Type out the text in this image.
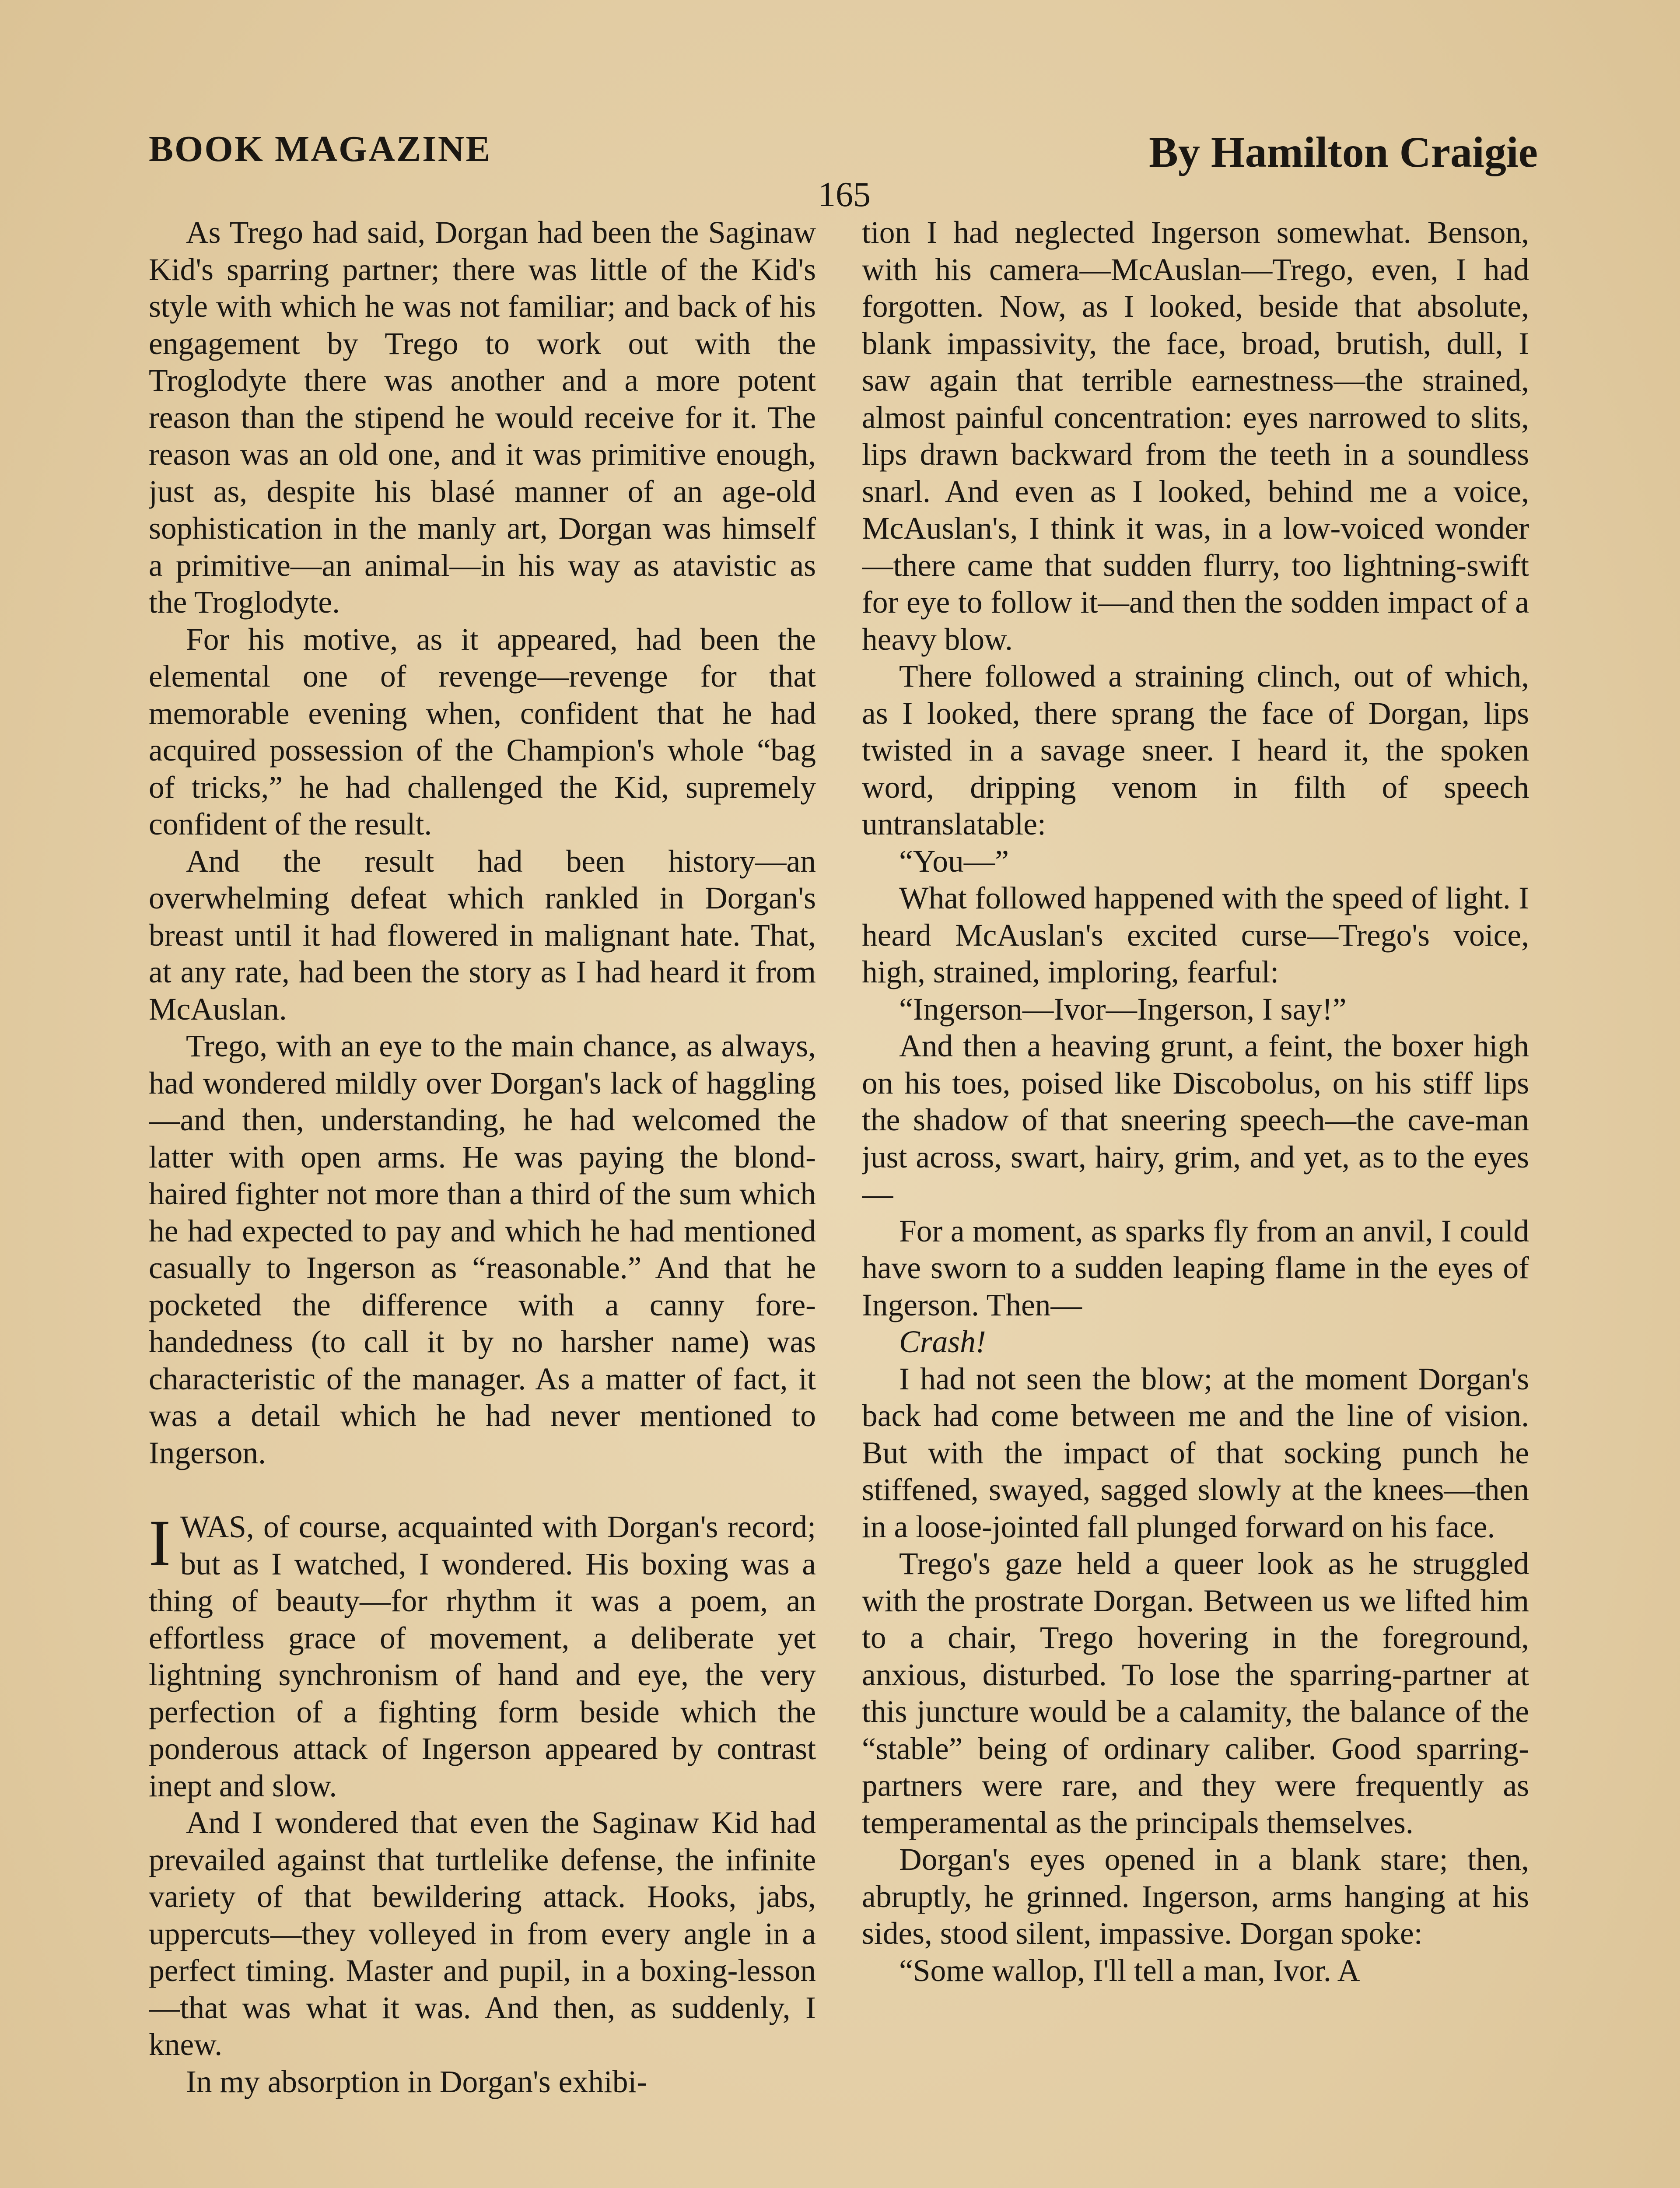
BOOK MAGAZINE	By Hamilton Craigie
165

As Trego had said, Dorgan had been the Saginaw Kid's sparring partner; there was little of the Kid's style with which he was not familiar; and back of his engagement by Trego to work out with the Troglodyte there was another and a more potent reason than the stipend he would receive for it. The reason was an old one, and it was primitive enough, just as, despite his blasé manner of an age-old sophistication in the manly art, Dorgan was himself a primitive—an animal—in his way as atavistic as the Troglodyte.

For his motive, as it appeared, had been the elemental one of revenge—revenge for that memorable evening when, confident that he had acquired possession of the Champion's whole “bag of tricks,” he had challenged the Kid, supremely confident of the result.

And the result had been history—an overwhelming defeat which rankled in Dorgan's breast until it had flowered in malignant hate. That, at any rate, had been the story as I had heard it from McAuslan.

Trego, with an eye to the main chance, as always, had wondered mildly over Dorgan's lack of haggling—and then, understanding, he had welcomed the latter with open arms. He was paying the blond-haired fighter not more than a third of the sum which he had expected to pay and which he had mentioned casually to Ingerson as “reasonable.” And that he pocketed the difference with a canny fore-handedness (to call it by no harsher name) was characteristic of the manager. As a matter of fact, it was a detail which he had never mentioned to Ingerson.

IWAS, of course, acquainted with Dorgan's record; but as I watched, I wondered. His boxing was a thing of beauty—for rhythm it was a poem, an effortless grace of movement, a deliberate yet lightning synchronism of hand and eye, the very perfection of a fighting form beside which the ponderous attack of Ingerson appeared by contrast inept and slow.

And I wondered that even the Saginaw Kid had prevailed against that turtlelike defense, the infinite variety of that bewildering attack. Hooks, jabs, uppercuts—they volleyed in from every angle in a perfect timing. Master and pupil, in a boxing-lesson—that was what it was. And then, as suddenly, I knew.

In my absorption in Dorgan's exhibi-

tion I had neglected Ingerson somewhat. Benson, with his camera—McAuslan—Trego, even, I had forgotten. Now, as I looked, beside that absolute, blank impassivity, the face, broad, brutish, dull, I saw again that terrible earnestness—the strained, almost painful concentration: eyes narrowed to slits, lips drawn backward from the teeth in a soundless snarl. And even as I looked, behind me a voice, McAuslan's, I think it was, in a low-voiced wonder—there came that sudden flurry, too lightning-swift for eye to follow it—and then the sodden impact of a heavy blow.

There followed a straining clinch, out of which, as I looked, there sprang the face of Dorgan, lips twisted in a savage sneer. I heard it, the spoken word, dripping venom in filth of speech untranslatable:

“You—”

What followed happened with the speed of light. I heard McAuslan's excited curse—Trego's voice, high, strained, imploring, fearful:

“Ingerson—Ivor—Ingerson, I say!”

And then a heaving grunt, a feint, the boxer high on his toes, poised like Discobolus, on his stiff lips the shadow of that sneering speech—the cave-man just across, swart, hairy, grim, and yet, as to the eyes—

For a moment, as sparks fly from an anvil, I could have sworn to a sudden leaping flame in the eyes of Ingerson. Then—

Crash!

I had not seen the blow; at the moment Dorgan's back had come between me and the line of vision. But with the impact of that socking punch he stiffened, swayed, sagged slowly at the knees—then in a loose-jointed fall plunged forward on his face.

Trego's gaze held a queer look as he struggled with the prostrate Dorgan. Between us we lifted him to a chair, Trego hovering in the foreground, anxious, disturbed. To lose the sparring-partner at this juncture would be a calamity, the balance of the “stable” being of ordinary caliber. Good sparring-partners were rare, and they were frequently as temperamental as the principals themselves.

Dorgan's eyes opened in a blank stare; then, abruptly, he grinned. Ingerson, arms hanging at his sides, stood silent, impassive. Dorgan spoke:

“Some wallop, I'll tell a man, Ivor. A
